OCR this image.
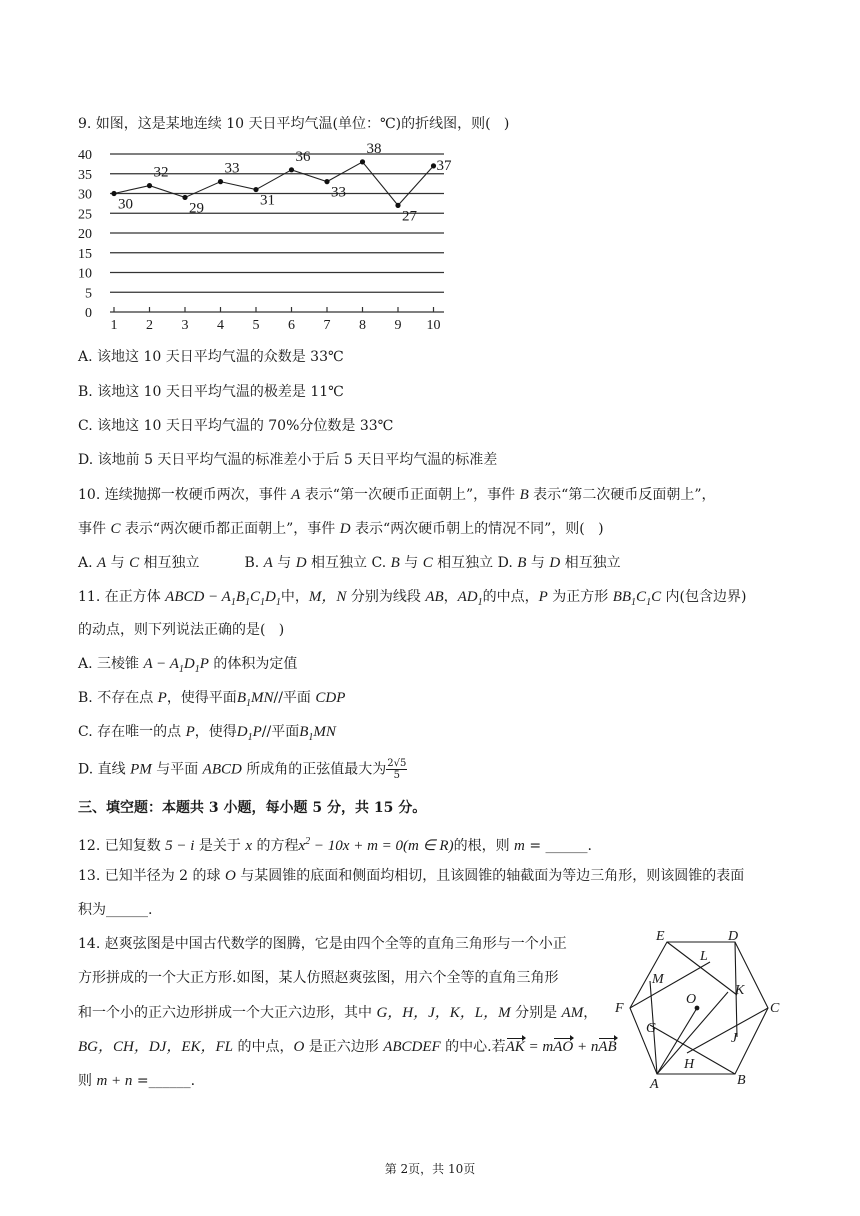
9. 如图，这是某地连续 10 天日平均气温(单位：℃)的折线图，则(   )
0
5
10
15
20
25
30
35
40
1 2 3 4 5 6 7 8 9 10
30
32
29
33
31
36
33
38
27
37
A. 该地这 10 天日平均气温的众数是 33℃
B. 该地这 10 天日平均气温的极差是 11℃
C. 该地这 10 天日平均气温的 70%分位数是 33℃
D. 该地前 5 天日平均气温的标准差小于后 5 天日平均气温的标准差
10. 连续抛掷一枚硬币两次，事件 A 表示“第一次硬币正面朝上”，事件 B 表示“第二次硬币反面朝上”，
事件 C 表示“两次硬币都正面朝上”，事件 D 表示“两次硬币朝上的情况不同”，则(   )
A. A 与 C 相互独立	B. A 与 D 相互独立 C. B 与 C 相互独立 D. B 与 D 相互独立
11. 在正方体 ABCD − $A_1B_1C_1D_1$中，M，N 分别为线段 AB，$AD_1$的中点，P 为正方形 $BB_1C_1C$ 内(包含边界)
的动点，则下列说法正确的是(   )
A. 三棱锥 $A - A_1D_1P$ 的体积为定值
B. 不存在点 P，使得平面$B_1MN//$平面 CDP
C. 存在唯一的点 P，使得$D_1P//$平面$B_1MN$
D. 直线 PM 与平面 ABCD 所成角的正弦值最大为 $\frac{2√5}{5}$
三、填空题：本题共 3 小题，每小题 5 分，共 15 分。
12. 已知复数 5 − i 是关于 x 的方程$x^2 - 10x + m = 0(m$ ∈ R)的根，则 m = ______.
13. 已知半径为 2 的球 O 与某圆锥的底面和侧面均相切，且该圆锥的轴截面为等边三角形，则该圆锥的表面
积为______.
14. 赵爽弦图是中国古代数学的图腾，它是由四个全等的直角三角形与一个小正
方形拼成的一个大正方形.如图，某人仿照赵爽弦图，用六个全等的直角三角形
和一个小的正六边形拼成一个大正六边形，其中 G，H，J，K，L，M 分别是 AM，
BG，CH，DJ，EK，FL 的中点，O 是正六边形 ABCDEF 的中心.若AK = mAO + nAB
则 m + n =______.
E	D
L
M
K
O
F	C
G
J
H
A	B
第 2页，共 10页
